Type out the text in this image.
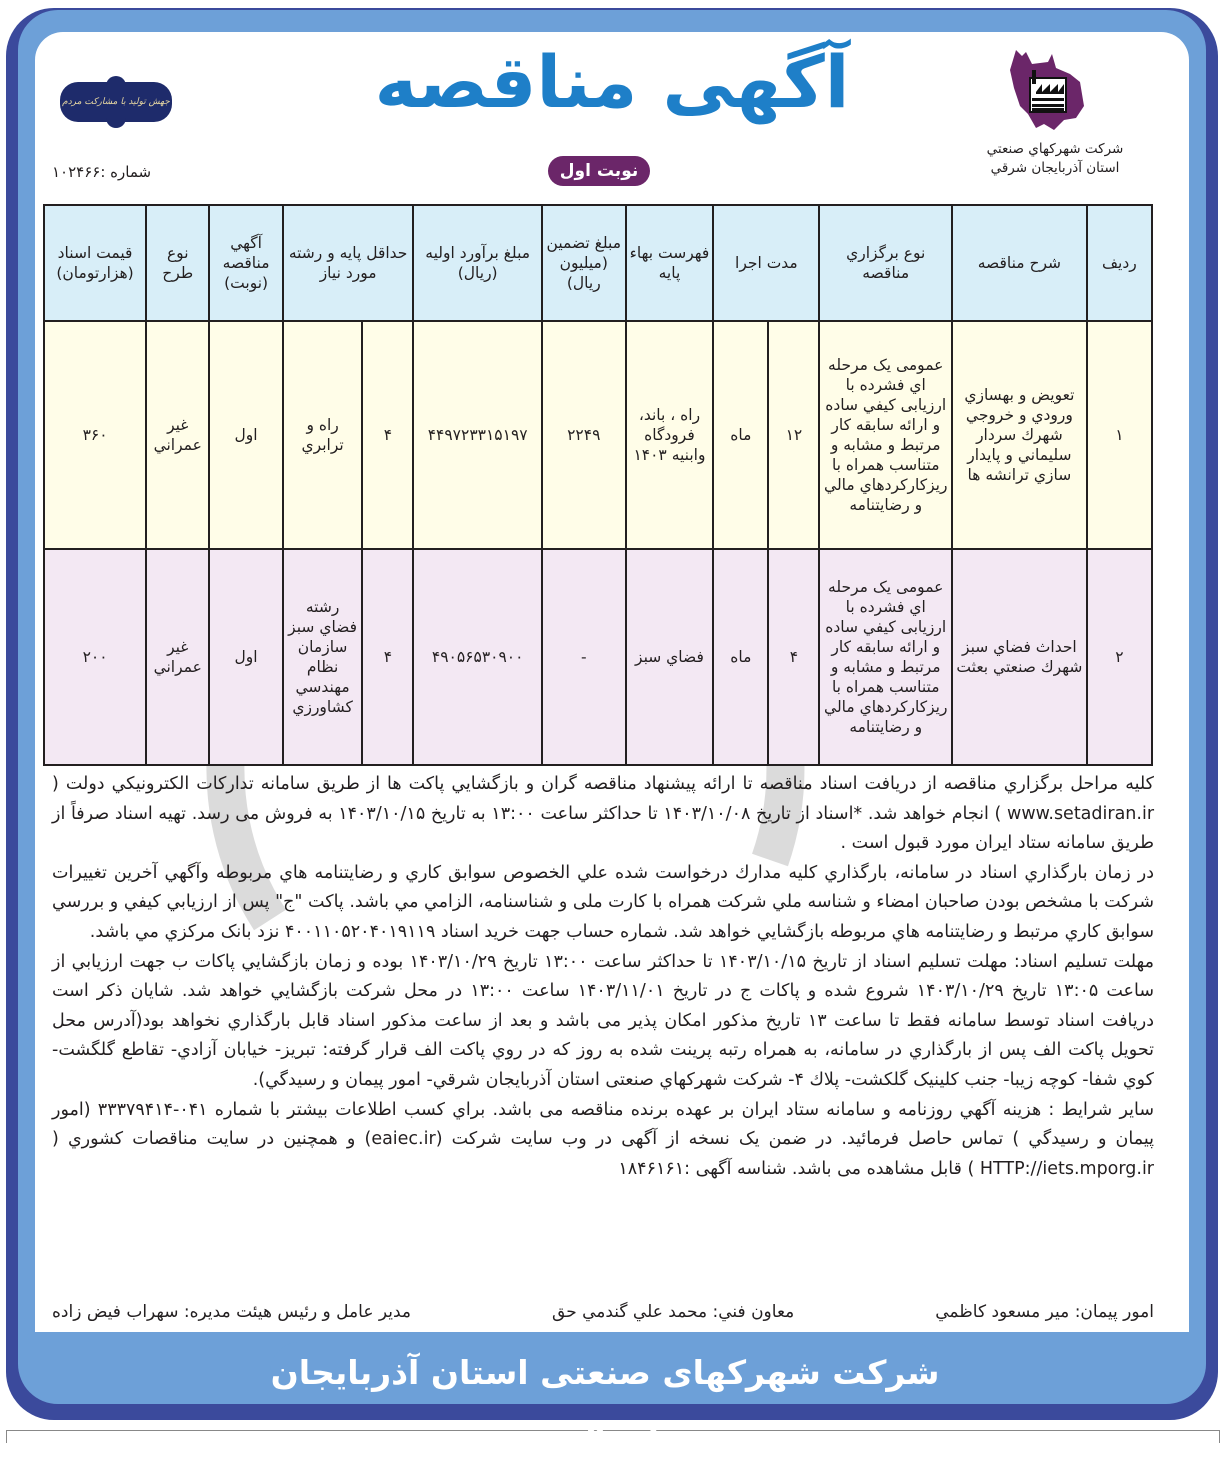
آگهی مناقصه
نوبت اول
شماره :۱۰۲۴۶۶
جهش تولید با مشارکت مردم
شركت شهركهاي صنعتي
استان آذربايجان شرقي
رديف	شرح مناقصه	نوع برگزاري مناقصه	مدت اجرا		فهرست بهاء پايه	مبلغ تضمين (ميليون ريال)	مبلغ برآورد اوليه (ريال)	حداقل پايه و رشته مورد نياز		آگهي مناقصه (نوبت)	نوع طرح	قيمت اسناد (هزارتومان)
۱	تعويض و بهسازي ورودي و خروجي شهرك سردار سليماني و پايدار سازي ترانشه ها	عمومی یک مرحله اي فشرده با ارزیابی کيفي ساده و ارائه سابقه کار مرتبط و مشابه و متناسب همراه با ریزکارکردهاي مالي و رضايتنامه	۱۲	ماه	راه ، باند، فرودگاه وابنيه ۱۴۰۳	۲۲۴۹	۴۴۹۷۲۳۳۱۵۱۹۷	۴	راه و ترابري	اول	غير عمراني	۳۶۰
۲	احداث فضاي سبز شهرك صنعتي بعثت	عمومی یک مرحله اي فشرده با ارزیابی کيفي ساده و ارائه سابقه کار مرتبط و مشابه و متناسب همراه با ریزکارکردهاي مالي و رضايتنامه	۴	ماه	فضاي سبز	-	۴۹۰۵۶۵۳۰۹۰۰	۴	رشته فضاي سبز سازمان نظام مهندسي كشاورزي	اول	غير عمراني	۲۰۰

كليه مراحل برگزاري مناقصه از دريافت اسناد مناقصه تا ارائه پيشنهاد مناقصه گران و بازگشايي پاكت ها از طريق سامانه تداركات الكترونيكي دولت ( www.setadiran.ir ) انجام خواهد شد. *اسناد از تاريخ ۱۴۰۳/۱۰/۰۸ تا حداكثر ساعت ۱۳:۰۰ به تاريخ ۱۴۰۳/۱۰/۱۵ به فروش می رسد. تهيه اسناد صرفاً از طريق سامانه ستاد ايران مورد قبول است .

در زمان بارگذاري اسناد در سامانه، بارگذاري كليه مدارك درخواست شده علي الخصوص سوابق كاري و رضايتنامه هاي مربوطه وآگهي آخرين تغييرات شركت با مشخص بودن صاحبان امضاء و شناسه ملي شركت همراه با كارت ملی و شناسنامه، الزامي مي باشد. پاكت "ج" پس از ارزيابي كيفي و بررسي سوابق كاري مرتبط و رضايتنامه هاي مربوطه بازگشايي خواهد شد. شماره حساب جهت خريد اسناد ۴۰۰۱۱۰۵۲۰۴۰۱۹۱۱۹ نزد بانک مرکزي مي باشد.

مهلت تسليم اسناد: مهلت تسليم اسناد از تاريخ ۱۴۰۳/۱۰/۱۵ تا حداكثر ساعت ۱۳:۰۰ تاريخ ۱۴۰۳/۱۰/۲۹ بوده و زمان بازگشايي پاكات ب جهت ارزيابي از ساعت ۱۳:۰۵ تاريخ ۱۴۰۳/۱۰/۲۹ شروع شده و پاكات ج در تاريخ ۱۴۰۳/۱۱/۰۱ ساعت ۱۳:۰۰ در محل شركت بازگشايي خواهد شد. شايان ذكر است دريافت اسناد توسط سامانه فقط تا ساعت ۱۳ تاريخ مذكور امكان پذير می باشد و بعد از ساعت مذكور اسناد قابل بارگذاري نخواهد بود(آدرس محل تحويل پاكت الف پس از بارگذاري در سامانه، به همراه رتبه پرينت شده به روز كه در روي پاكت الف قرار گرفته: تبريز- خيابان آزادي- تقاطع گلگشت- كوي شفا- كوچه زيبا- جنب كلينيک گلكشت- پلاك ۴- شركت شهركهاي صنعتی استان آذربايجان شرقي- امور پيمان و رسيدگي).

ساير شرايط : هزينه آگهي روزنامه و سامانه ستاد ايران بر عهده برنده مناقصه می باشد. براي كسب اطلاعات بيشتر با شماره ۰۴۱-۳۳۳۷۹۴۱۴ (امور پيمان و رسيدگي ) تماس حاصل فرمائيد. در ضمن يک نسخه از آگهی در وب سايت شركت (eaiec.ir) و همچنين در سايت مناقصات كشوري ( HTTP://iets.mporg.ir ) قابل مشاهده می باشد. شناسه آگهی :۱۸۴۶۱۶۱

امور پيمان: مير مسعود كاظمي
معاون فني: محمد علي گندمي حق
مدير عامل و رئيس هيئت مديره: سهراب فيض زاده
شركت شهركهای صنعتی استان آذربايجان شرقی
